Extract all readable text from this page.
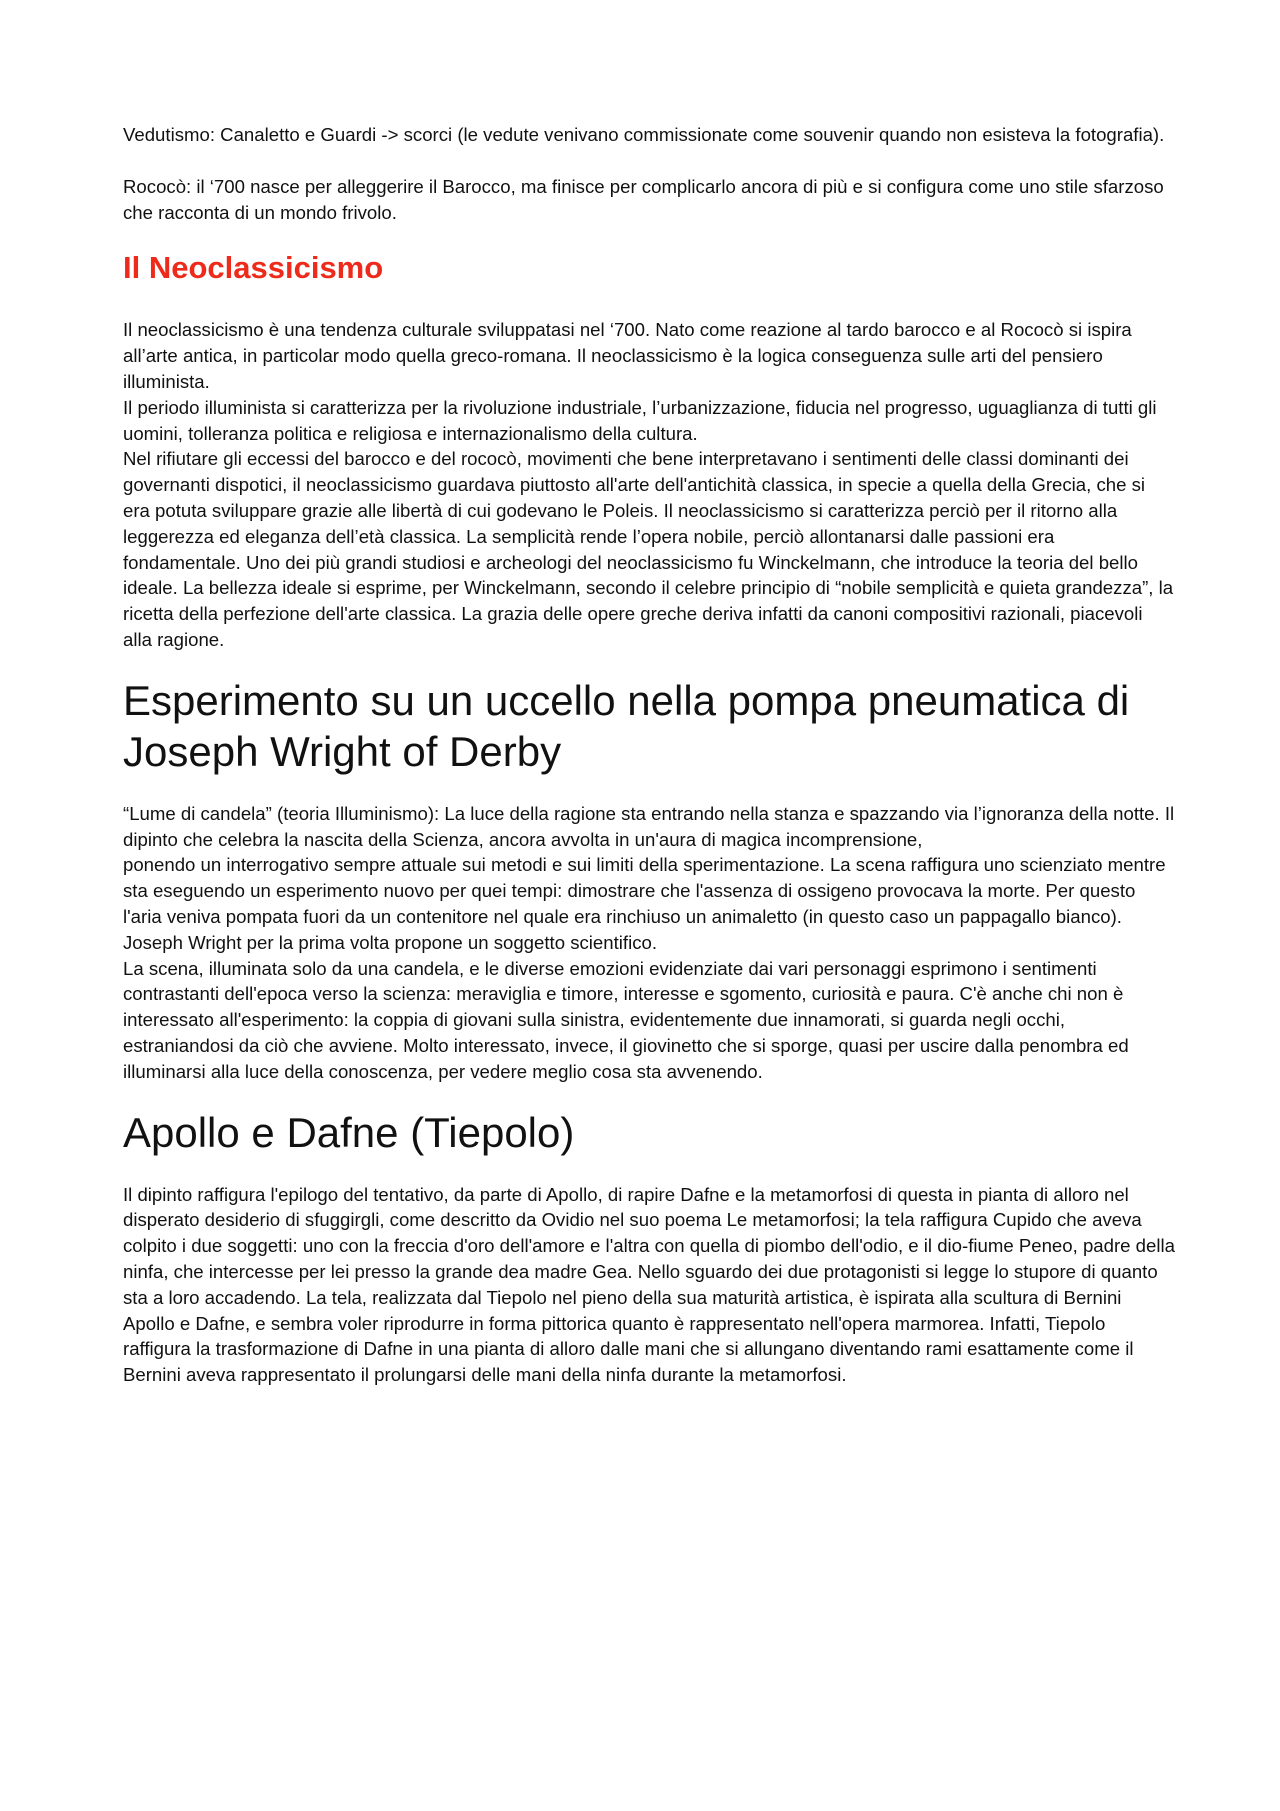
Vedutismo: Canaletto e Guardi -> scorci (le vedute venivano commissionate come souvenir quando non esisteva la fotografia).

Rococò: il ‘700 nasce per alleggerire il Barocco, ma finisce per complicarlo ancora di più e si configura come uno stile sfarzoso che racconta di un mondo frivolo.

Il Neoclassicismo

Il neoclassicismo è una tendenza culturale sviluppatasi nel ‘700. Nato come reazione al tardo barocco e al Rococò si ispira all’arte antica, in particolar modo quella greco-romana. Il neoclassicismo è la logica conseguenza sulle arti del pensiero illuminista.

Il periodo illuminista si caratterizza per la rivoluzione industriale, l’urbanizzazione, fiducia nel progresso, uguaglianza di tutti gli uomini, tolleranza politica e religiosa e internazionalismo della cultura.

Nel rifiutare gli eccessi del barocco e del rococò, movimenti che bene interpretavano i sentimenti delle classi dominanti dei governanti dispotici, il neoclassicismo guardava piuttosto all'arte dell'antichità classica, in specie a quella della Grecia, che si era potuta sviluppare grazie alle libertà di cui godevano le Poleis. Il neoclassicismo si caratterizza perciò per il ritorno alla leggerezza ed eleganza dell’età classica. La semplicità rende l’opera nobile, perciò allontanarsi dalle passioni era fondamentale. Uno dei più grandi studiosi e archeologi del neoclassicismo fu Winckelmann, che introduce la teoria del bello ideale. La bellezza ideale si esprime, per Winckelmann, secondo il celebre principio di “nobile semplicità e quieta grandezza”, la ricetta della perfezione dell'arte classica. La grazia delle opere greche deriva infatti da canoni compositivi razionali, piacevoli alla ragione.

Esperimento su un uccello nella pompa pneumatica di Joseph Wright of Derby

“Lume di candela” (teoria Illuminismo): La luce della ragione sta entrando nella stanza e spazzando via l’ignoranza della notte. Il dipinto che celebra la nascita della Scienza, ancora avvolta in un'aura di magica incomprensione,

ponendo un interrogativo sempre attuale sui metodi e sui limiti della sperimentazione. La scena raffigura uno scienziato mentre sta eseguendo un esperimento nuovo per quei tempi: dimostrare che l'assenza di ossigeno provocava la morte. Per questo l'aria veniva pompata fuori da un contenitore nel quale era rinchiuso un animaletto (in questo caso un pappagallo bianco).

Joseph Wright per la prima volta propone un soggetto scientifico.

La scena, illuminata solo da una candela, e le diverse emozioni evidenziate dai vari personaggi esprimono i sentimenti contrastanti dell'epoca verso la scienza: meraviglia e timore, interesse e sgomento, curiosità e paura. C'è anche chi non è interessato all'esperimento: la coppia di giovani sulla sinistra, evidentemente due innamorati, si guarda negli occhi, estraniandosi da ciò che avviene. Molto interessato, invece, il giovinetto che si sporge, quasi per uscire dalla penombra ed illuminarsi alla luce della conoscenza, per vedere meglio cosa sta avvenendo.

Apollo e Dafne (Tiepolo)

Il dipinto raffigura l'epilogo del tentativo, da parte di Apollo, di rapire Dafne e la metamorfosi di questa in pianta di alloro nel disperato desiderio di sfuggirgli, come descritto da Ovidio nel suo poema Le metamorfosi; la tela raffigura Cupido che aveva colpito i due soggetti: uno con la freccia d'oro dell'amore e l'altra con quella di piombo dell'odio, e il dio-fiume Peneo, padre della ninfa, che intercesse per lei presso la grande dea madre Gea. Nello sguardo dei due protagonisti si legge lo stupore di quanto sta a loro accadendo. La tela, realizzata dal Tiepolo nel pieno della sua maturità artistica, è ispirata alla scultura di Bernini Apollo e Dafne, e sembra voler riprodurre in forma pittorica quanto è rappresentato nell'opera marmorea. Infatti, Tiepolo raffigura la trasformazione di Dafne in una pianta di alloro dalle mani che si allungano diventando rami esattamente come il Bernini aveva rappresentato il prolungarsi delle mani della ninfa durante la metamorfosi.
